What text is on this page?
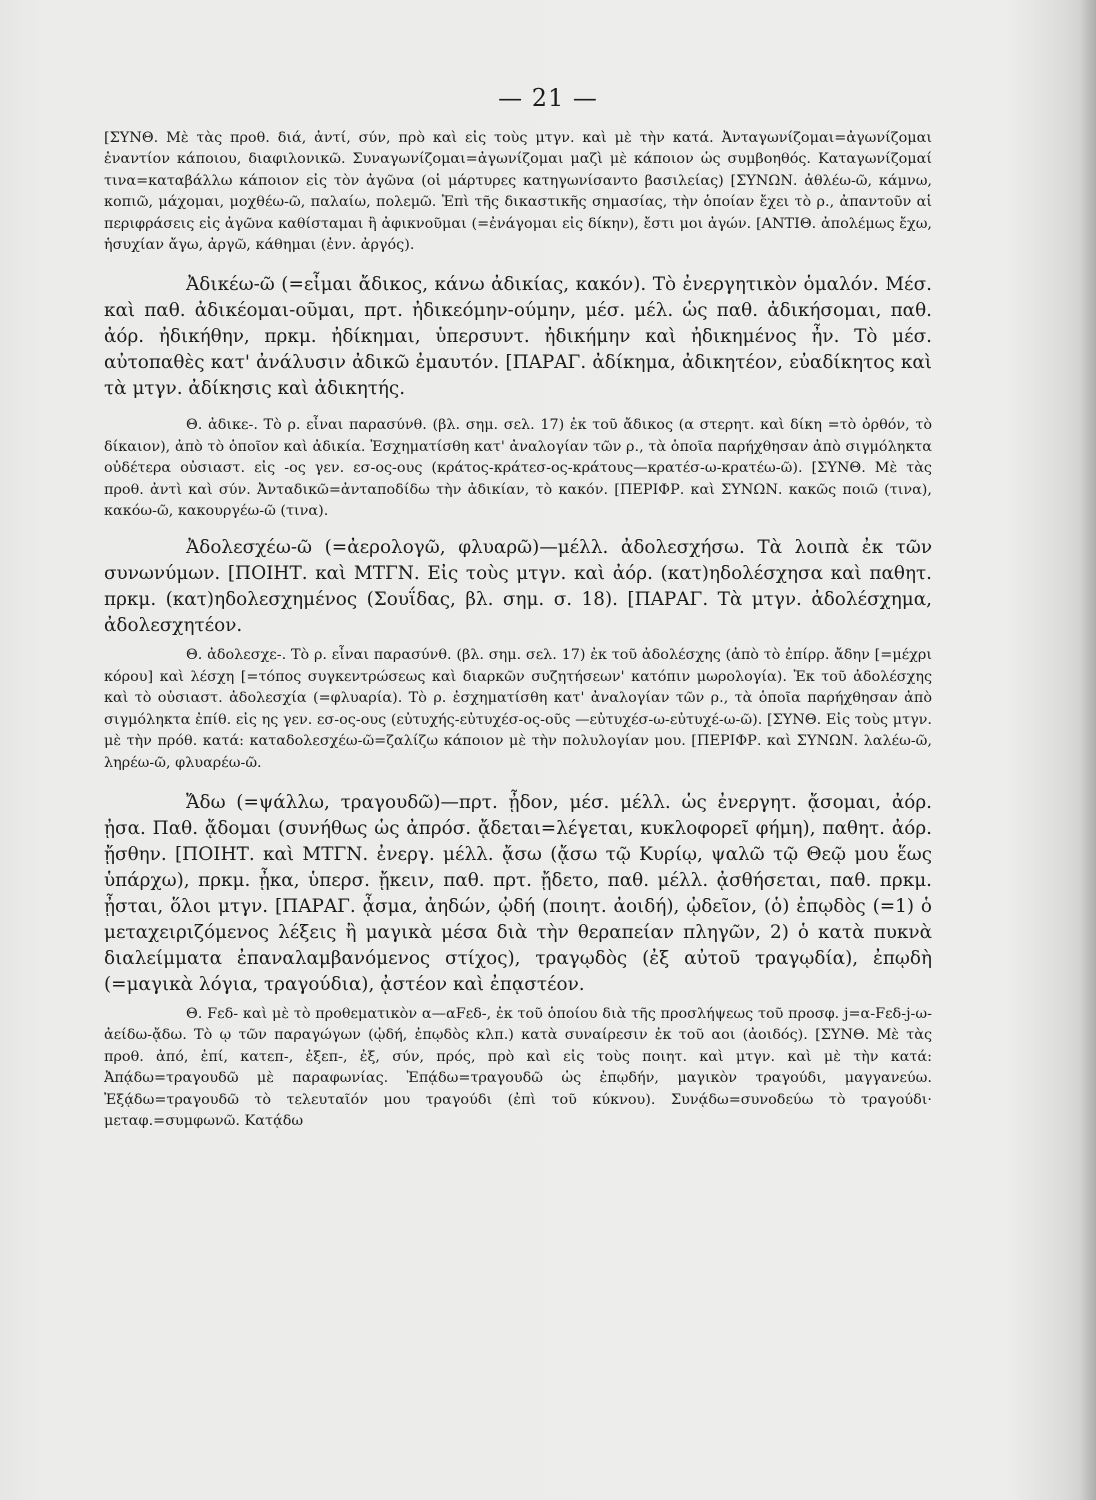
— 21 —

[ΣΥΝΘ. Μὲ τὰς προθ. διά, ἀντί, σύν, πρὸ καὶ εἰς τοὺς μτγν. καὶ μὲ τὴν κατά. Ἀνταγωνίζομαι=ἀγωνίζομαι ἐναντίον κάποιου, διαφιλονικῶ. Συναγωνίζομαι=ἀγωνίζομαι μαζὶ μὲ κάποιον ὡς συμβοηθός. Καταγωνίζομαί τινα=καταβάλλω κάποιον εἰς τὸν ἀγῶνα (οἱ μάρτυρες κατηγωνίσαντο βασιλείας) [ΣΥΝΩΝ. ἀθλέω-ῶ, κάμνω, κοπιῶ, μάχομαι, μοχθέω-ῶ, παλαίω, πολεμῶ. Ἐπὶ τῆς δικαστικῆς σημασίας, τὴν ὁποίαν ἔχει τὸ ρ., ἀπαντοῦν αἱ περιφράσεις εἰς ἀγῶνα καθίσταμαι ἢ ἀφικνοῦμαι (=ἐνάγομαι εἰς δίκην), ἔστι μοι ἀγών. [ΑΝΤΙΘ. ἀπολέμως ἔχω, ἡσυχίαν ἄγω, ἀργῶ, κάθημαι (ἐνν. ἀργός).

Ἀδικέω-ῶ (=εἶμαι ἄδικος, κάνω ἀδικίας, κακόν). Τὸ ἐνεργητικὸν ὁμαλόν. Μέσ. καὶ παθ. ἀδικέομαι-οῦμαι, πρτ. ἠδικεόμην-ούμην, μέσ. μέλ. ὡς παθ. ἀδικήσομαι, παθ. ἀόρ. ἠδικήθην, πρκμ. ἠδίκημαι, ὑπερσυντ. ἠδικήμην καὶ ἠδικημένος ἦν. Τὸ μέσ. αὐτοπαθὲς κατ' ἀνάλυσιν ἀδικῶ ἐμαυτόν. [ΠΑΡΑΓ. ἀδίκημα, ἀδικητέον, εὐαδίκητος καὶ τὰ μτγν. ἀδίκησις καὶ ἀδικητής.

Θ. ἀδικε-. Τὸ ρ. εἶναι παρασύνθ. (βλ. σημ. σελ. 17) ἐκ τοῦ ἄδικος (α στερητ. καὶ δίκη =τὸ ὀρθόν, τὸ δίκαιον), ἀπὸ τὸ ὁποῖον καὶ ἀδικία. Ἐσχηματίσθη κατ' ἀναλογίαν τῶν ρ., τὰ ὁποῖα παρήχθησαν ἀπὸ σιγμόληκτα οὐδέτερα οὐσιαστ. εἰς -ος γεν. εσ-ος-ους (κράτος-κράτεσ-ος-κράτους—κρατέσ-ω-κρατέω-ῶ). [ΣΥΝΘ. Μὲ τὰς προθ. ἀντὶ καὶ σύν. Ἀνταδικῶ=ἀνταποδίδω τὴν ἀδικίαν, τὸ κακόν. [ΠΕΡΙΦΡ. καὶ ΣΥΝΩΝ. κακῶς ποιῶ (τινα), κακόω-ῶ, κακουργέω-ῶ (τινα).

Ἀδολεσχέω-ῶ (=ἀερολογῶ, φλυαρῶ)—μέλλ. ἀδολεσχήσω. Τὰ λοιπὰ ἐκ τῶν συνωνύμων. [ΠΟΙΗΤ. καὶ ΜΤΓΝ. Εἰς τοὺς μτγν. καὶ ἀόρ. (κατ)ηδολέσχησα καὶ παθητ. πρκμ. (κατ)ηδολεσχημένος (Σουΐδας, βλ. σημ. σ. 18). [ΠΑΡΑΓ. Τὰ μτγν. ἀδολέσχημα, ἀδολεσχητέον.

Θ. ἀδολεσχε-. Τὸ ρ. εἶναι παρασύνθ. (βλ. σημ. σελ. 17) ἐκ τοῦ ἀδολέσχης (ἀπὸ τὸ ἐπίρρ. ἄδην [=μέχρι κόρου] καὶ λέσχη [=τόπος συγκεντρώσεως καὶ διαρκῶν συζητήσεων' κατόπιν μωρολογία). Ἐκ τοῦ ἀδολέσχης καὶ τὸ οὐσιαστ. ἀδολεσχία (=φλυαρία). Τὸ ρ. ἐσχηματίσθη κατ' ἀναλογίαν τῶν ρ., τὰ ὁποῖα παρήχθησαν ἀπὸ σιγμόληκτα ἐπίθ. εἰς ης γεν. εσ-ος-ους (εὐτυχής-εὐτυχέσ-ος-οῦς —εὐτυχέσ-ω-εὐτυχέ-ω-ῶ). [ΣΥΝΘ. Εἰς τοὺς μτγν. μὲ τὴν πρόθ. κατά: καταδολεσχέω-ῶ=ζαλίζω κάποιον μὲ τὴν πολυλογίαν μου. [ΠΕΡΙΦΡ. καὶ ΣΥΝΩΝ. λαλέω-ῶ, ληρέω-ῶ, φλυαρέω-ῶ.

Ἄδω (=ψάλλω, τραγουδῶ)—πρτ. ᾖδον, μέσ. μέλλ. ὡς ἐνεργητ. ᾄσομαι, ἀόρ. ᾐσα. Παθ. ᾄδομαι (συνήθως ὡς ἀπρόσ. ᾄδεται=λέγεται, κυκλοφορεῖ φήμη), παθητ. ἀόρ. ᾔσθην. [ΠΟΙΗΤ. καὶ ΜΤΓΝ. ἐνεργ. μέλλ. ᾄσω (ᾄσω τῷ Κυρίῳ, ψαλῶ τῷ Θεῷ μου ἕως ὑπάρχω), πρκμ. ᾖκα, ὑπερσ. ᾔκειν, παθ. πρτ. ᾔδετο, παθ. μέλλ. ᾀσθήσεται, παθ. πρκμ. ᾖσται, ὅλοι μτγν. [ΠΑΡΑΓ. ᾆσμα, ἀηδών, ᾠδή (ποιητ. ἀοιδή), ᾠδεῖον, (ὁ) ἐπῳδὸς (=1) ὁ μεταχειριζόμενος λέξεις ἢ μαγικὰ μέσα διὰ τὴν θεραπείαν πληγῶν, 2) ὁ κατὰ πυκνὰ διαλείμματα ἐπαναλαμβανόμενος στίχος), τραγῳδὸς (ἐξ αὐτοῦ τραγῳδία), ἐπῳδὴ (=μαγικὰ λόγια, τραγούδια), ᾀστέον καὶ ἐπᾳστέον.

Θ. Fεδ- καὶ μὲ τὸ προθεματικὸν α—αFεδ-, ἐκ τοῦ ὁποίου διὰ τῆς προσλήψεως τοῦ προσφ. j=α-Fεδ-j-ω-ἀείδω-ᾄδω. Τὸ ῳ τῶν παραγώγων (ᾠδή, ἐπῳδὸς κλπ.) κατὰ συναίρεσιν ἐκ τοῦ αοι (ἀοιδός). [ΣΥΝΘ. Μὲ τὰς προθ. ἀπό, ἐπί, κατεπ-, ἐξεπ-, ἐξ, σύν, πρός, πρὸ καὶ εἰς τοὺς ποιητ. καὶ μτγν. καὶ μὲ τὴν κατά: Ἀπᾴδω=τραγουδῶ μὲ παραφωνίας. Ἐπᾴδω=τραγουδῶ ὡς ἐπῳδήν, μαγικὸν τραγούδι, μαγγανεύω. Ἐξᾴδω=τραγουδῶ τὸ τελευταῖόν μου τραγούδι (ἐπὶ τοῦ κύκνου). Συνᾴδω=συνοδεύω τὸ τραγούδι· μεταφ.=συμφωνῶ. Κατᾴδω
